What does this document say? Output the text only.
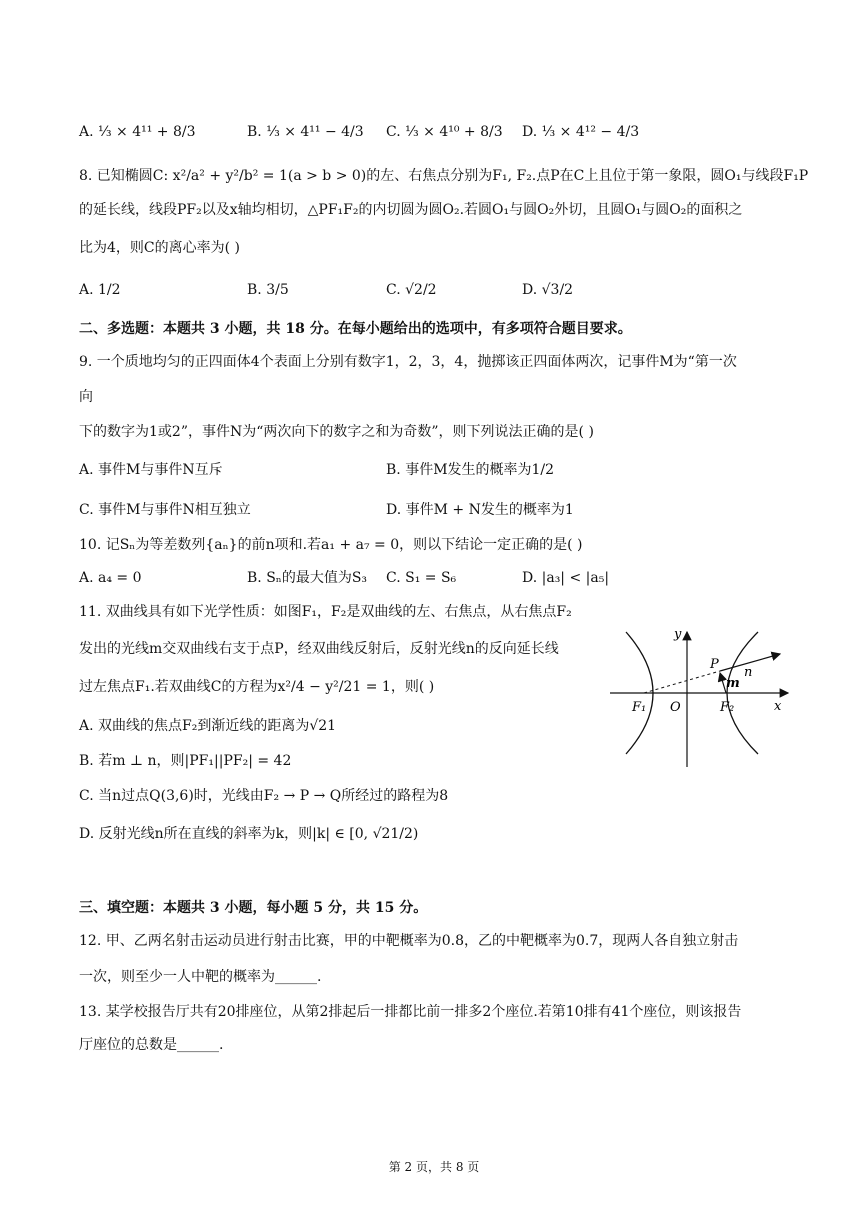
A. ⅓ × 4¹¹ + 8/3	B. ⅓ × 4¹¹ − 4/3 C. ⅓ × 4¹⁰ + 8/3 D. ⅓ × 4¹² − 4/3
8. 已知椭圆C: x²/a² + y²/b² = 1(a > b > 0)的左、右焦点分别为F₁, F₂.点P在C上且位于第一象限，圆O₁与线段F₁P
的延长线，线段PF₂以及x轴均相切，△PF₁F₂的内切圆为圆O₂.若圆O₁与圆O₂外切，且圆O₁与圆O₂的面积之
比为4，则C的离心率为( )
A. 1/2	B. 3/5	C. √2/2	D. √3/2
二、多选题：本题共 3 小题，共 18 分。在每小题给出的选项中，有多项符合题目要求。
9. 一个质地均匀的正四面体4个表面上分别有数字1，2，3，4，抛掷该正四面体两次，记事件M为“第一次
向
下的数字为1或2”，事件N为“两次向下的数字之和为奇数”，则下列说法正确的是( )
A. 事件M与事件N互斥	B. 事件M发生的概率为1/2
C. 事件M与事件N相互独立	D. 事件M + N发生的概率为1
10. 记Sₙ为等差数列{aₙ}的前n项和.若a₁ + a₇ = 0，则以下结论一定正确的是( )
A. a₄ = 0	B. Sₙ的最大值为S₃ C. S₁ = S₆	D. |a₃| < |a₅|
11. 双曲线具有如下光学性质：如图F₁，F₂是双曲线的左、右焦点，从右焦点F₂
发出的光线m交双曲线右支于点P，经双曲线反射后，反射光线n的反向延长线
过左焦点F₁.若双曲线C的方程为x²/4 − y²/21 = 1，则( )
A. 双曲线的焦点F₂到渐近线的距离为√21
B. 若m ⊥ n，则|PF₁||PF₂| = 42
C. 当n过点Q(3,6)时，光线由F₂ → P → Q所经过的路程为8
D. 反射光线n所在直线的斜率为k，则|k| ∈ [0, √21/2)
y
x
O
F₁	F₂
P
m
n
三、填空题：本题共 3 小题，每小题 5 分，共 15 分。
12. 甲、乙两名射击运动员进行射击比赛，甲的中靶概率为0.8，乙的中靶概率为0.7，现两人各自独立射击
一次，则至少一人中靶的概率为______.
13. 某学校报告厅共有20排座位，从第2排起后一排都比前一排多2个座位.若第10排有41个座位，则该报告
厅座位的总数是______.
第 2 页，共 8 页
